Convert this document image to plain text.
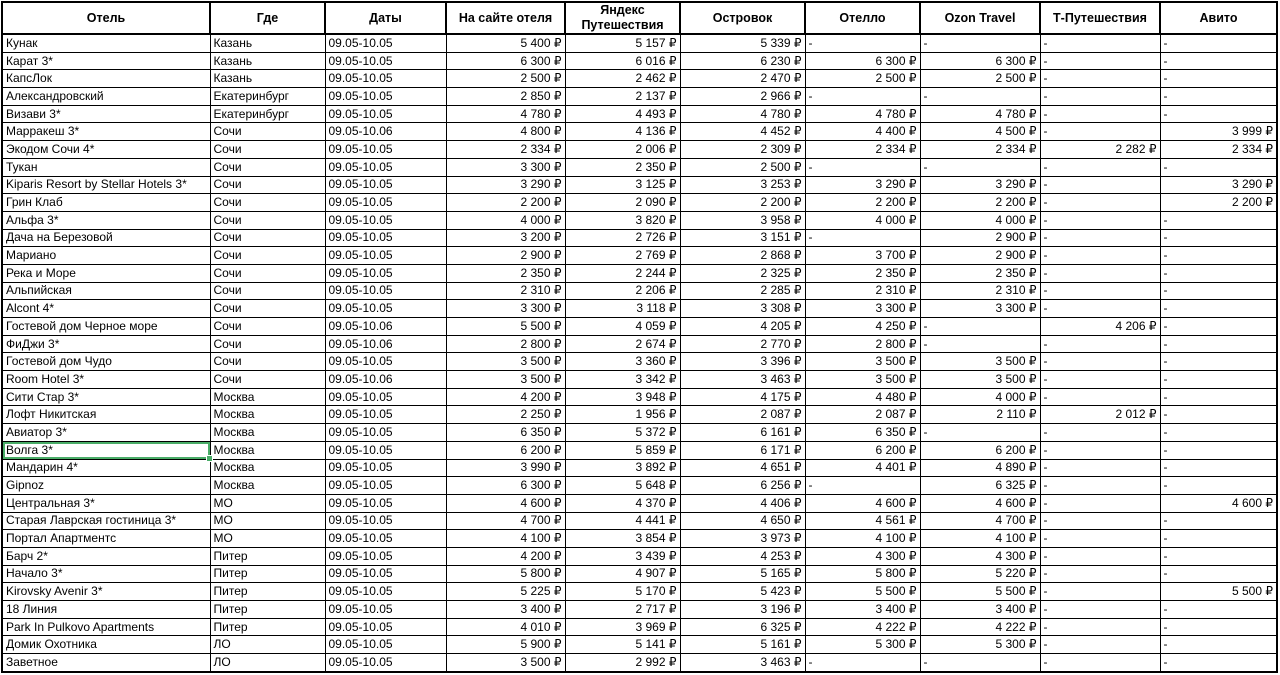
Отель	Где	Даты	На сайте отеля	Яндекс Путешествия	Островок	Отелло	Ozon Travel	Т-Путешествия	Авито
Кунак	Казань	09.05-10.05	5 400 ₽	5 157 ₽	5 339 ₽	-	-	-	-
Карат 3*	Казань	09.05-10.05	6 300 ₽	6 016 ₽	6 230 ₽	6 300 ₽	6 300 ₽	-	-
КапсЛок	Казань	09.05-10.05	2 500 ₽	2 462 ₽	2 470 ₽	2 500 ₽	2 500 ₽	-	-
Александровский	Екатеринбург	09.05-10.05	2 850 ₽	2 137 ₽	2 966 ₽	-	-	-	-
Визави 3*	Екатеринбург	09.05-10.05	4 780 ₽	4 493 ₽	4 780 ₽	4 780 ₽	4 780 ₽	-	-
Марракеш 3*	Сочи	09.05-10.06	4 800 ₽	4 136 ₽	4 452 ₽	4 400 ₽	4 500 ₽	-	3 999 ₽
Экодом Сочи 4*	Сочи	09.05-10.05	2 334 ₽	2 006 ₽	2 309 ₽	2 334 ₽	2 334 ₽	2 282 ₽	2 334 ₽
Тукан	Сочи	09.05-10.05	3 300 ₽	2 350 ₽	2 500 ₽	-	-	-	-
Kiparis Resort by Stellar Hotels 3*	Сочи	09.05-10.05	3 290 ₽	3 125 ₽	3 253 ₽	3 290 ₽	3 290 ₽	-	3 290 ₽
Грин Клаб	Сочи	09.05-10.05	2 200 ₽	2 090 ₽	2 200 ₽	2 200 ₽	2 200 ₽	-	2 200 ₽
Альфа 3*	Сочи	09.05-10.05	4 000 ₽	3 820 ₽	3 958 ₽	4 000 ₽	4 000 ₽	-	-
Дача на Березовой	Сочи	09.05-10.05	3 200 ₽	2 726 ₽	3 151 ₽	-	2 900 ₽	-	-
Мариано	Сочи	09.05-10.05	2 900 ₽	2 769 ₽	2 868 ₽	3 700 ₽	2 900 ₽	-	-
Река и Море	Сочи	09.05-10.05	2 350 ₽	2 244 ₽	2 325 ₽	2 350 ₽	2 350 ₽	-	-
Альпийская	Сочи	09.05-10.05	2 310 ₽	2 206 ₽	2 285 ₽	2 310 ₽	2 310 ₽	-	-
Alcont 4*	Сочи	09.05-10.05	3 300 ₽	3 118 ₽	3 308 ₽	3 300 ₽	3 300 ₽	-	-
Гостевой дом Черное море	Сочи	09.05-10.06	5 500 ₽	4 059 ₽	4 205 ₽	4 250 ₽	-	4 206 ₽	-
ФиДжи 3*	Сочи	09.05-10.06	2 800 ₽	2 674 ₽	2 770 ₽	2 800 ₽	-	-	-
Гостевой дом Чудо	Сочи	09.05-10.05	3 500 ₽	3 360 ₽	3 396 ₽	3 500 ₽	3 500 ₽	-	-
Room Hotel 3*	Сочи	09.05-10.06	3 500 ₽	3 342 ₽	3 463 ₽	3 500 ₽	3 500 ₽	-	-
Сити Стар 3*	Москва	09.05-10.05	4 200 ₽	3 948 ₽	4 175 ₽	4 480 ₽	4 000 ₽	-	-
Лофт Никитская	Москва	09.05-10.05	2 250 ₽	1 956 ₽	2 087 ₽	2 087 ₽	2 110 ₽	2 012 ₽	-
Авиатор 3*	Москва	09.05-10.05	6 350 ₽	5 372 ₽	6 161 ₽	6 350 ₽	-	-	-
Волга 3*	Москва	09.05-10.05	6 200 ₽	5 859 ₽	6 171 ₽	6 200 ₽	6 200 ₽	-	-
Мандарин 4*	Москва	09.05-10.05	3 990 ₽	3 892 ₽	4 651 ₽	4 401 ₽	4 890 ₽	-	-
Gipnoz	Москва	09.05-10.05	6 300 ₽	5 648 ₽	6 256 ₽	-	6 325 ₽	-	-
Центральная 3*	МО	09.05-10.05	4 600 ₽	4 370 ₽	4 406 ₽	4 600 ₽	4 600 ₽	-	4 600 ₽
Старая Лаврская гостиница 3*	МО	09.05-10.05	4 700 ₽	4 441 ₽	4 650 ₽	4 561 ₽	4 700 ₽	-	-
Портал Апартментс	МО	09.05-10.05	4 100 ₽	3 854 ₽	3 973 ₽	4 100 ₽	4 100 ₽	-	-
Барч 2*	Питер	09.05-10.05	4 200 ₽	3 439 ₽	4 253 ₽	4 300 ₽	4 300 ₽	-	-
Начало 3*	Питер	09.05-10.05	5 800 ₽	4 907 ₽	5 165 ₽	5 800 ₽	5 220 ₽	-	-
Kirovsky Avenir 3*	Питер	09.05-10.05	5 225 ₽	5 170 ₽	5 423 ₽	5 500 ₽	5 500 ₽	-	5 500 ₽
18 Линия	Питер	09.05-10.05	3 400 ₽	2 717 ₽	3 196 ₽	3 400 ₽	3 400 ₽	-	-
Park In Pulkovo Apartments	Питер	09.05-10.05	4 010 ₽	3 969 ₽	6 325 ₽	4 222 ₽	4 222 ₽	-	-
Домик Охотника	ЛО	09.05-10.05	5 900 ₽	5 141 ₽	5 161 ₽	5 300 ₽	5 300 ₽	-	-
Заветное	ЛО	09.05-10.05	3 500 ₽	2 992 ₽	3 463 ₽	-	-	-	-
